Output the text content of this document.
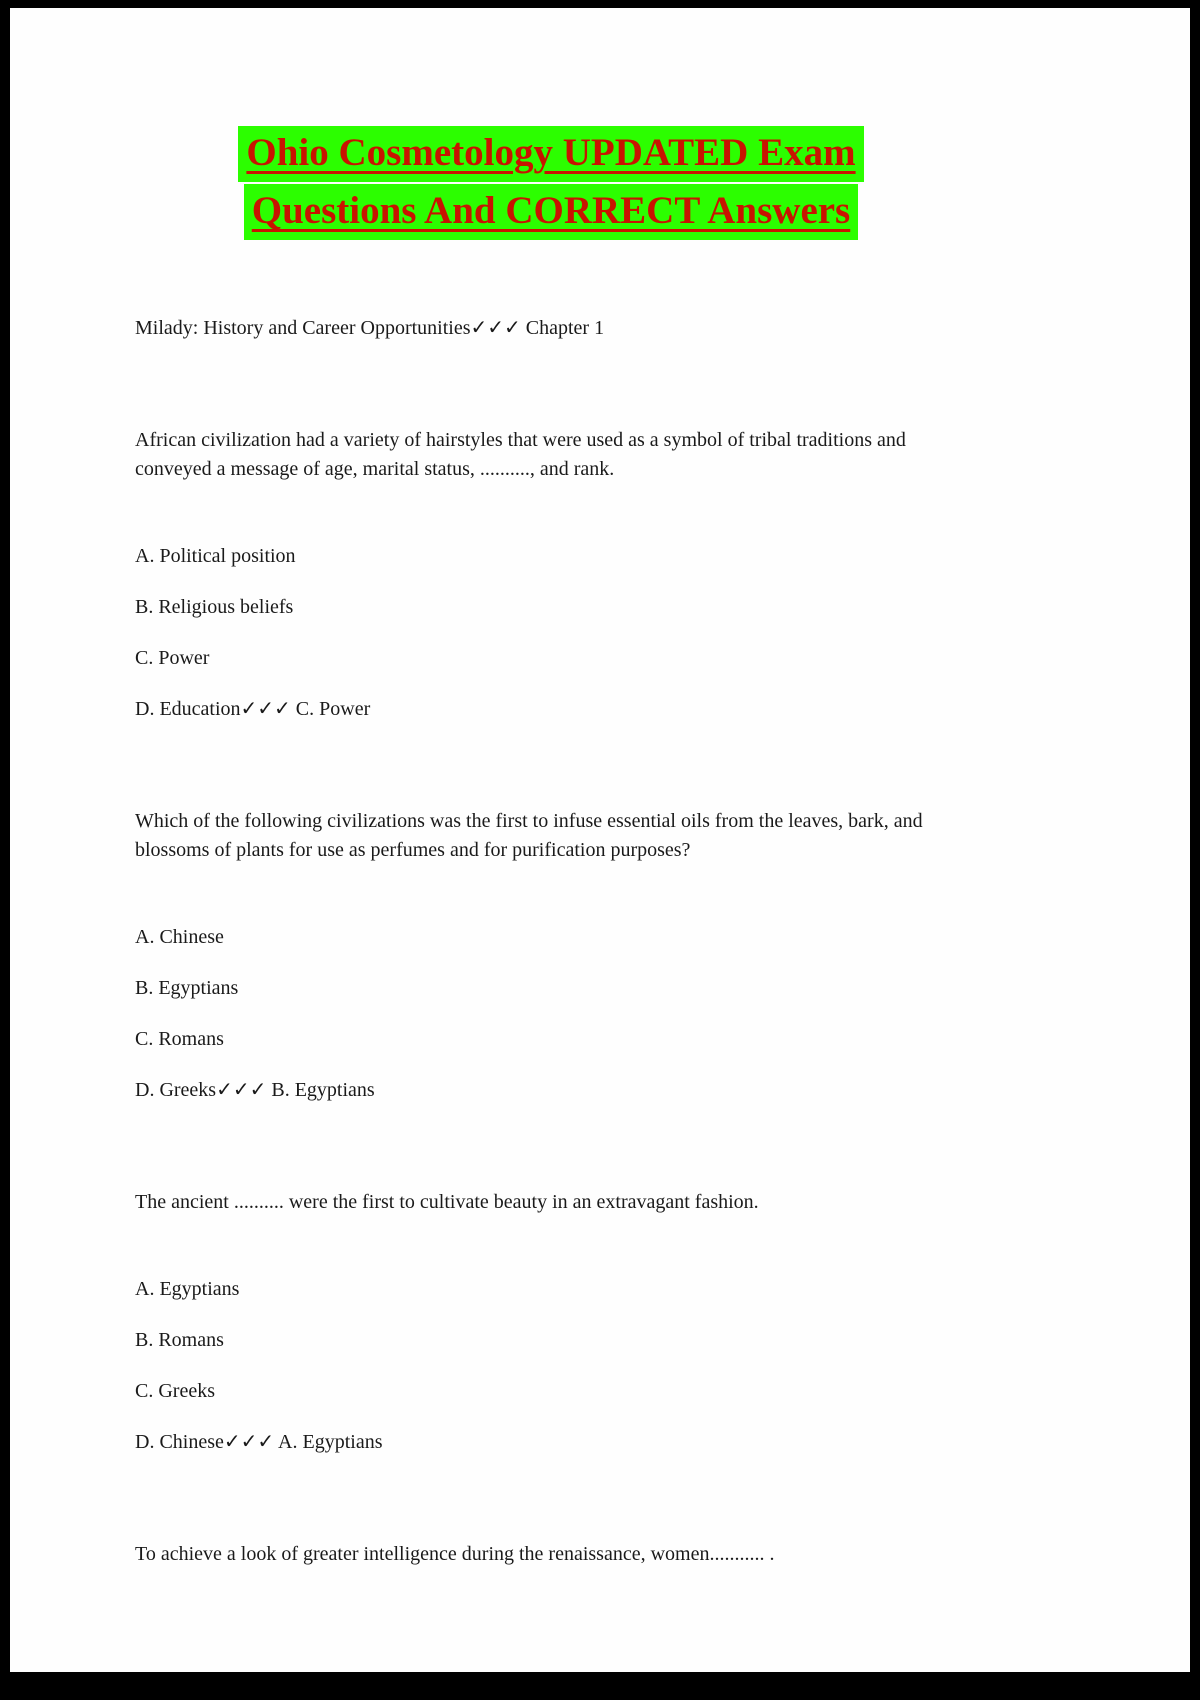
Ohio Cosmetology UPDATED Exam
Questions And CORRECT Answers

Milady: History and Career Opportunities✓✓✓ Chapter 1

African civilization had a variety of hairstyles that were used as a symbol of tribal traditions and conveyed a message of age, marital status, .........., and rank.

A. Political position

B. Religious beliefs

C. Power

D. Education✓✓✓ C. Power

Which of the following civilizations was the first to infuse essential oils from the leaves, bark, and blossoms of plants for use as perfumes and for purification purposes?

A. Chinese

B. Egyptians

C. Romans

D. Greeks✓✓✓ B. Egyptians

The ancient .......... were the first to cultivate beauty in an extravagant fashion.

A. Egyptians

B. Romans

C. Greeks

D. Chinese✓✓✓ A. Egyptians

To achieve a look of greater intelligence during the renaissance, women........... .
